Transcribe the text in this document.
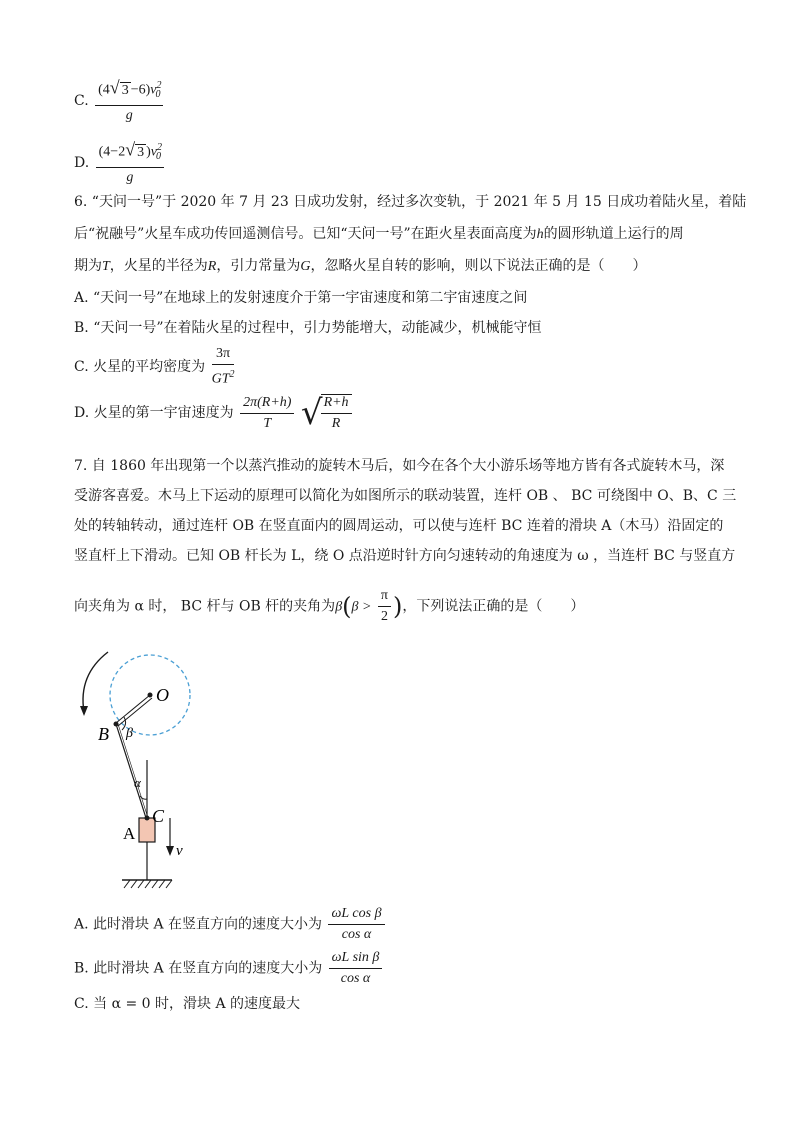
C. $\frac{(4√ 3 -6)v^2_0}{g}$
D. $\frac{(4-2√ 3 )v^2_0}{g}$
6. “天问一号”于 2020 年 7 月 23 日成功发射，经过多次变轨，于 2021 年 5 月 15 日成功着陆火星，着陆
后“祝融号”火星车成功传回遥测信号。已知“天问一号”在距火星表面高度为h的圆形轨道上运行的周
期为T，火星的半径为R，引力常量为G，忽略火星自转的影响，则以下说法正确的是（　　）
A. “天问一号”在地球上的发射速度介于第一宇宙速度和第二宇宙速度之间
B. “天问一号”在着陆火星的过程中，引力势能增大，动能减少，机械能守恒
C. 火星的平均密度为 $\frac{3\pi}{GT^2}$
D. 火星的第一宇宙速度为 $\frac{2\pi(R+h)}{T}$ √
$\frac{R+h}{R}$
7. 自 1860 年出现第一个以蒸汽推动的旋转木马后，如今在各个大小游乐场等地方皆有各式旋转木马，深
受游客喜爱。木马上下运动的原理可以简化为如图所示的联动装置，连杆 OB 、 BC 可绕图中 O、B、C 三
处的转轴转动，通过连杆 OB 在竖直面内的圆周运动，可以使与连杆 BC 连着的滑块 A（木马）沿固定的
竖直杆上下滑动。已知 OB 杆长为 L，绕 O 点沿逆时针方向匀速转动的角速度为 ω ，当连杆 BC 与竖直方
向夹角为 α 时， BC 杆与 OB 杆的夹角为$\beta(\beta > \frac{\pi}{2}$ )，下列说法正确的是（　　）
O
B β
α
C
A
v
A. 此时滑块 A 在竖直方向的速度大小为 $\frac{\text{ωL cos β}}{\text{cos α}}$
B. 此时滑块 A 在竖直方向的速度大小为 $\frac{\text{ωL sin β}}{\text{cos α}}$
C. 当 α = 0 时，滑块 A 的速度最大
